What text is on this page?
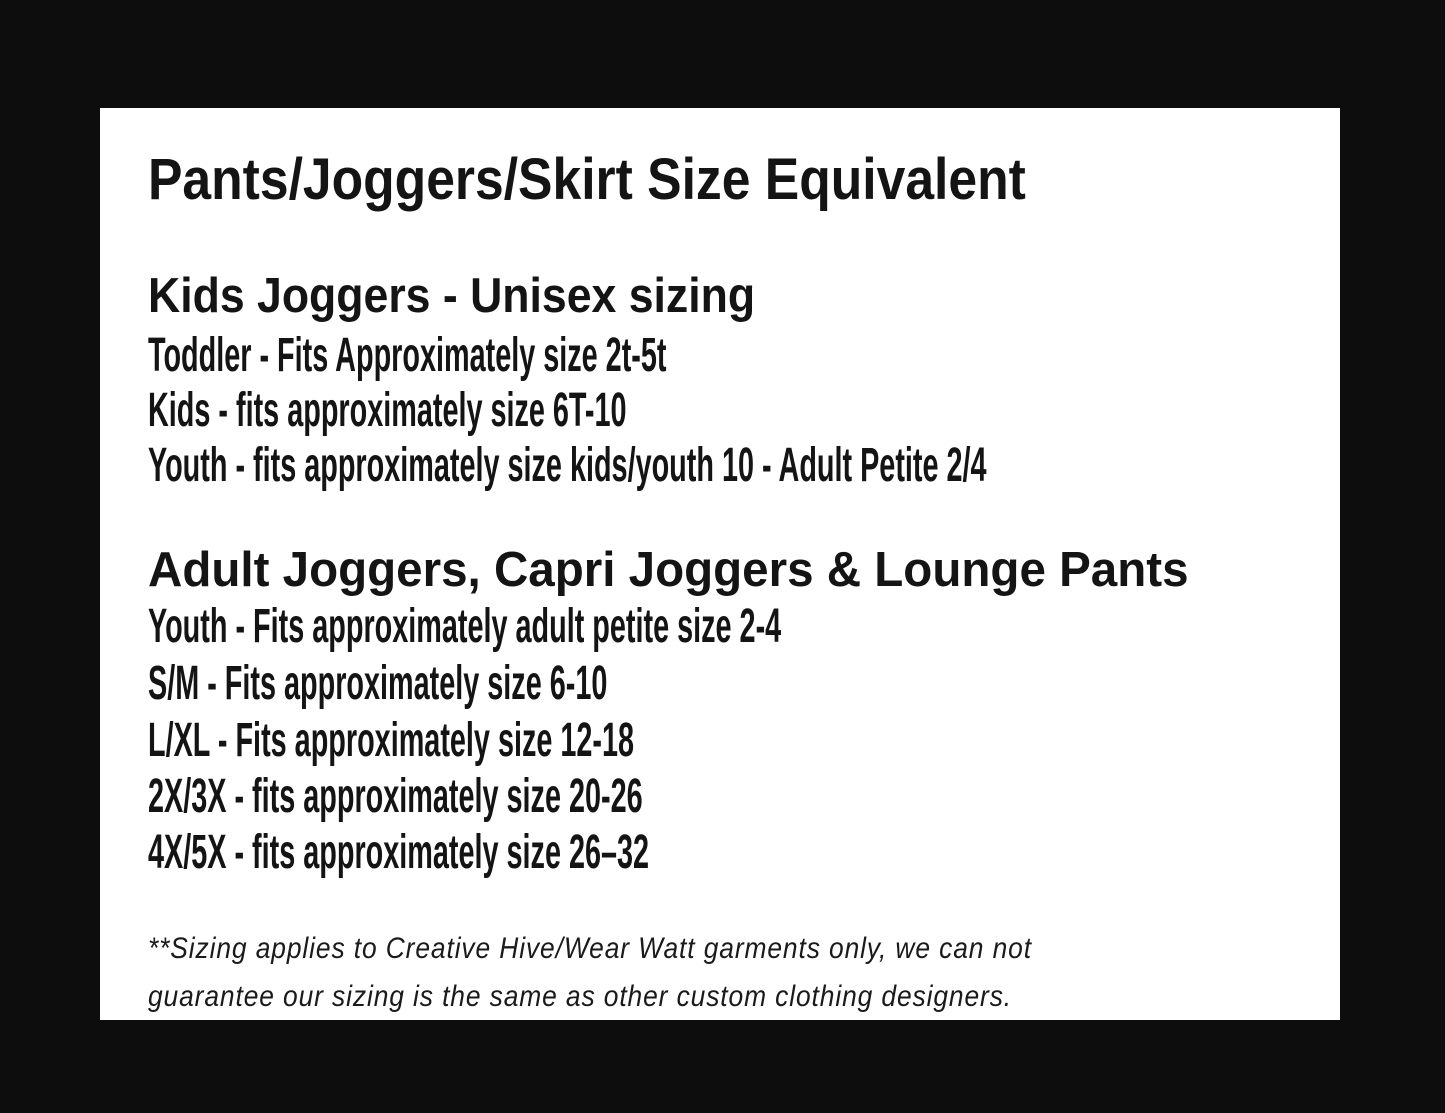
Pants/Joggers/Skirt Size Equivalent
Kids Joggers - Unisex sizing
Toddler - Fits Approximately size 2t-5t
Kids - fits approximately size 6T-10
Youth - fits approximately size kids/youth 10 - Adult Petite 2/4
Adult Joggers, Capri Joggers & Lounge Pants
Youth - Fits approximately adult petite size 2-4
S/M - Fits approximately size 6-10
L/XL - Fits approximately size 12-18
2X/3X - fits approximately size 20-26
4X/5X - fits approximately size 26–32
**Sizing applies to Creative Hive/Wear Watt garments only, we can not
guarantee our sizing is the same as other custom clothing designers.
